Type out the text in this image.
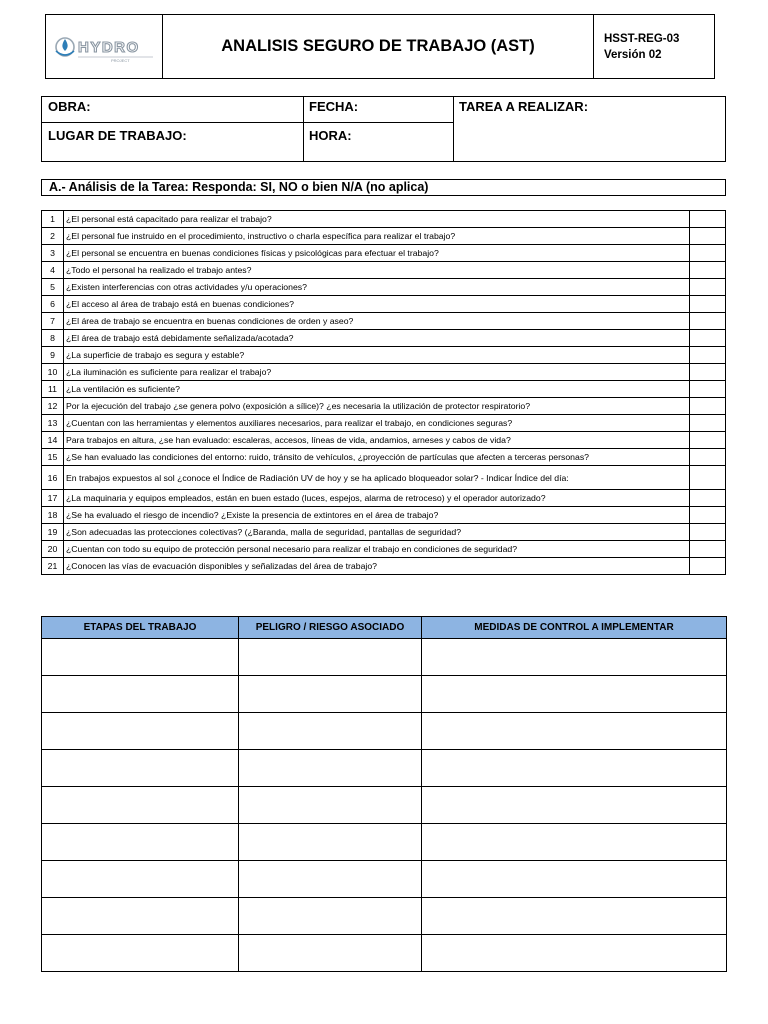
HYDRO
PROJECT
ANALISIS SEGURO DE TRABAJO (AST)	HSST-REG-03
Versión 02
OBRA:	FECHA:	TAREA A REALIZAR:
LUGAR DE TRABAJO:	HORA:
A.- Análisis de la Tarea: Responda: SI, NO o bien N/A (no aplica)
1	¿El personal está capacitado para realizar el trabajo?	
2	¿El personal fue instruido en el procedimiento, instructivo o charla específica para realizar el trabajo?	
3	¿El personal se encuentra en buenas condiciones físicas y psicológicas para efectuar el trabajo?	
4	¿Todo el personal ha realizado el trabajo antes?	
5	¿Existen interferencias con otras actividades y/u operaciones?	
6	¿El acceso al área de trabajo está en buenas condiciones?	
7	¿El área de trabajo se encuentra en buenas condiciones de orden y aseo?	
8	¿El área de trabajo está debidamente señalizada/acotada?	
9	¿La superficie de trabajo es segura y estable?	
10	¿La iluminación es suficiente para realizar el trabajo?	
11	¿La ventilación es suficiente?	
12	Por la ejecución del trabajo ¿se genera polvo (exposición a sílice)? ¿es necesaria la utilización de protector respiratorio?	
13	¿Cuentan con las herramientas y elementos auxiliares necesarios, para realizar el trabajo, en condiciones seguras?	
14	Para trabajos en altura, ¿se han evaluado: escaleras, accesos, líneas de vida, andamios, arneses y cabos de vida?	
15	¿Se han evaluado las condiciones del entorno: ruido, tránsito de vehículos, ¿proyección de partículas que afecten a terceras personas?	
16	En trabajos expuestos al sol ¿conoce el Índice de Radiación UV de hoy y se ha aplicado bloqueador solar? - Indicar Índice del día:	
17	¿La maquinaria y equipos empleados, están en buen estado (luces, espejos, alarma de retroceso) y el operador autorizado?	
18	¿Se ha evaluado el riesgo de incendio? ¿Existe la presencia de extintores en el área de trabajo?	
19	¿Son adecuadas las protecciones colectivas? (¿Baranda, malla de seguridad, pantallas de seguridad?	
20	¿Cuentan con todo su equipo de protección personal necesario para realizar el trabajo en condiciones de seguridad?	
21	¿Conocen las vías de evacuación disponibles y señalizadas del área de trabajo?	
ETAPAS DEL TRABAJO	PELIGRO / RIESGO ASOCIADO	MEDIDAS DE CONTROL A IMPLEMENTAR
